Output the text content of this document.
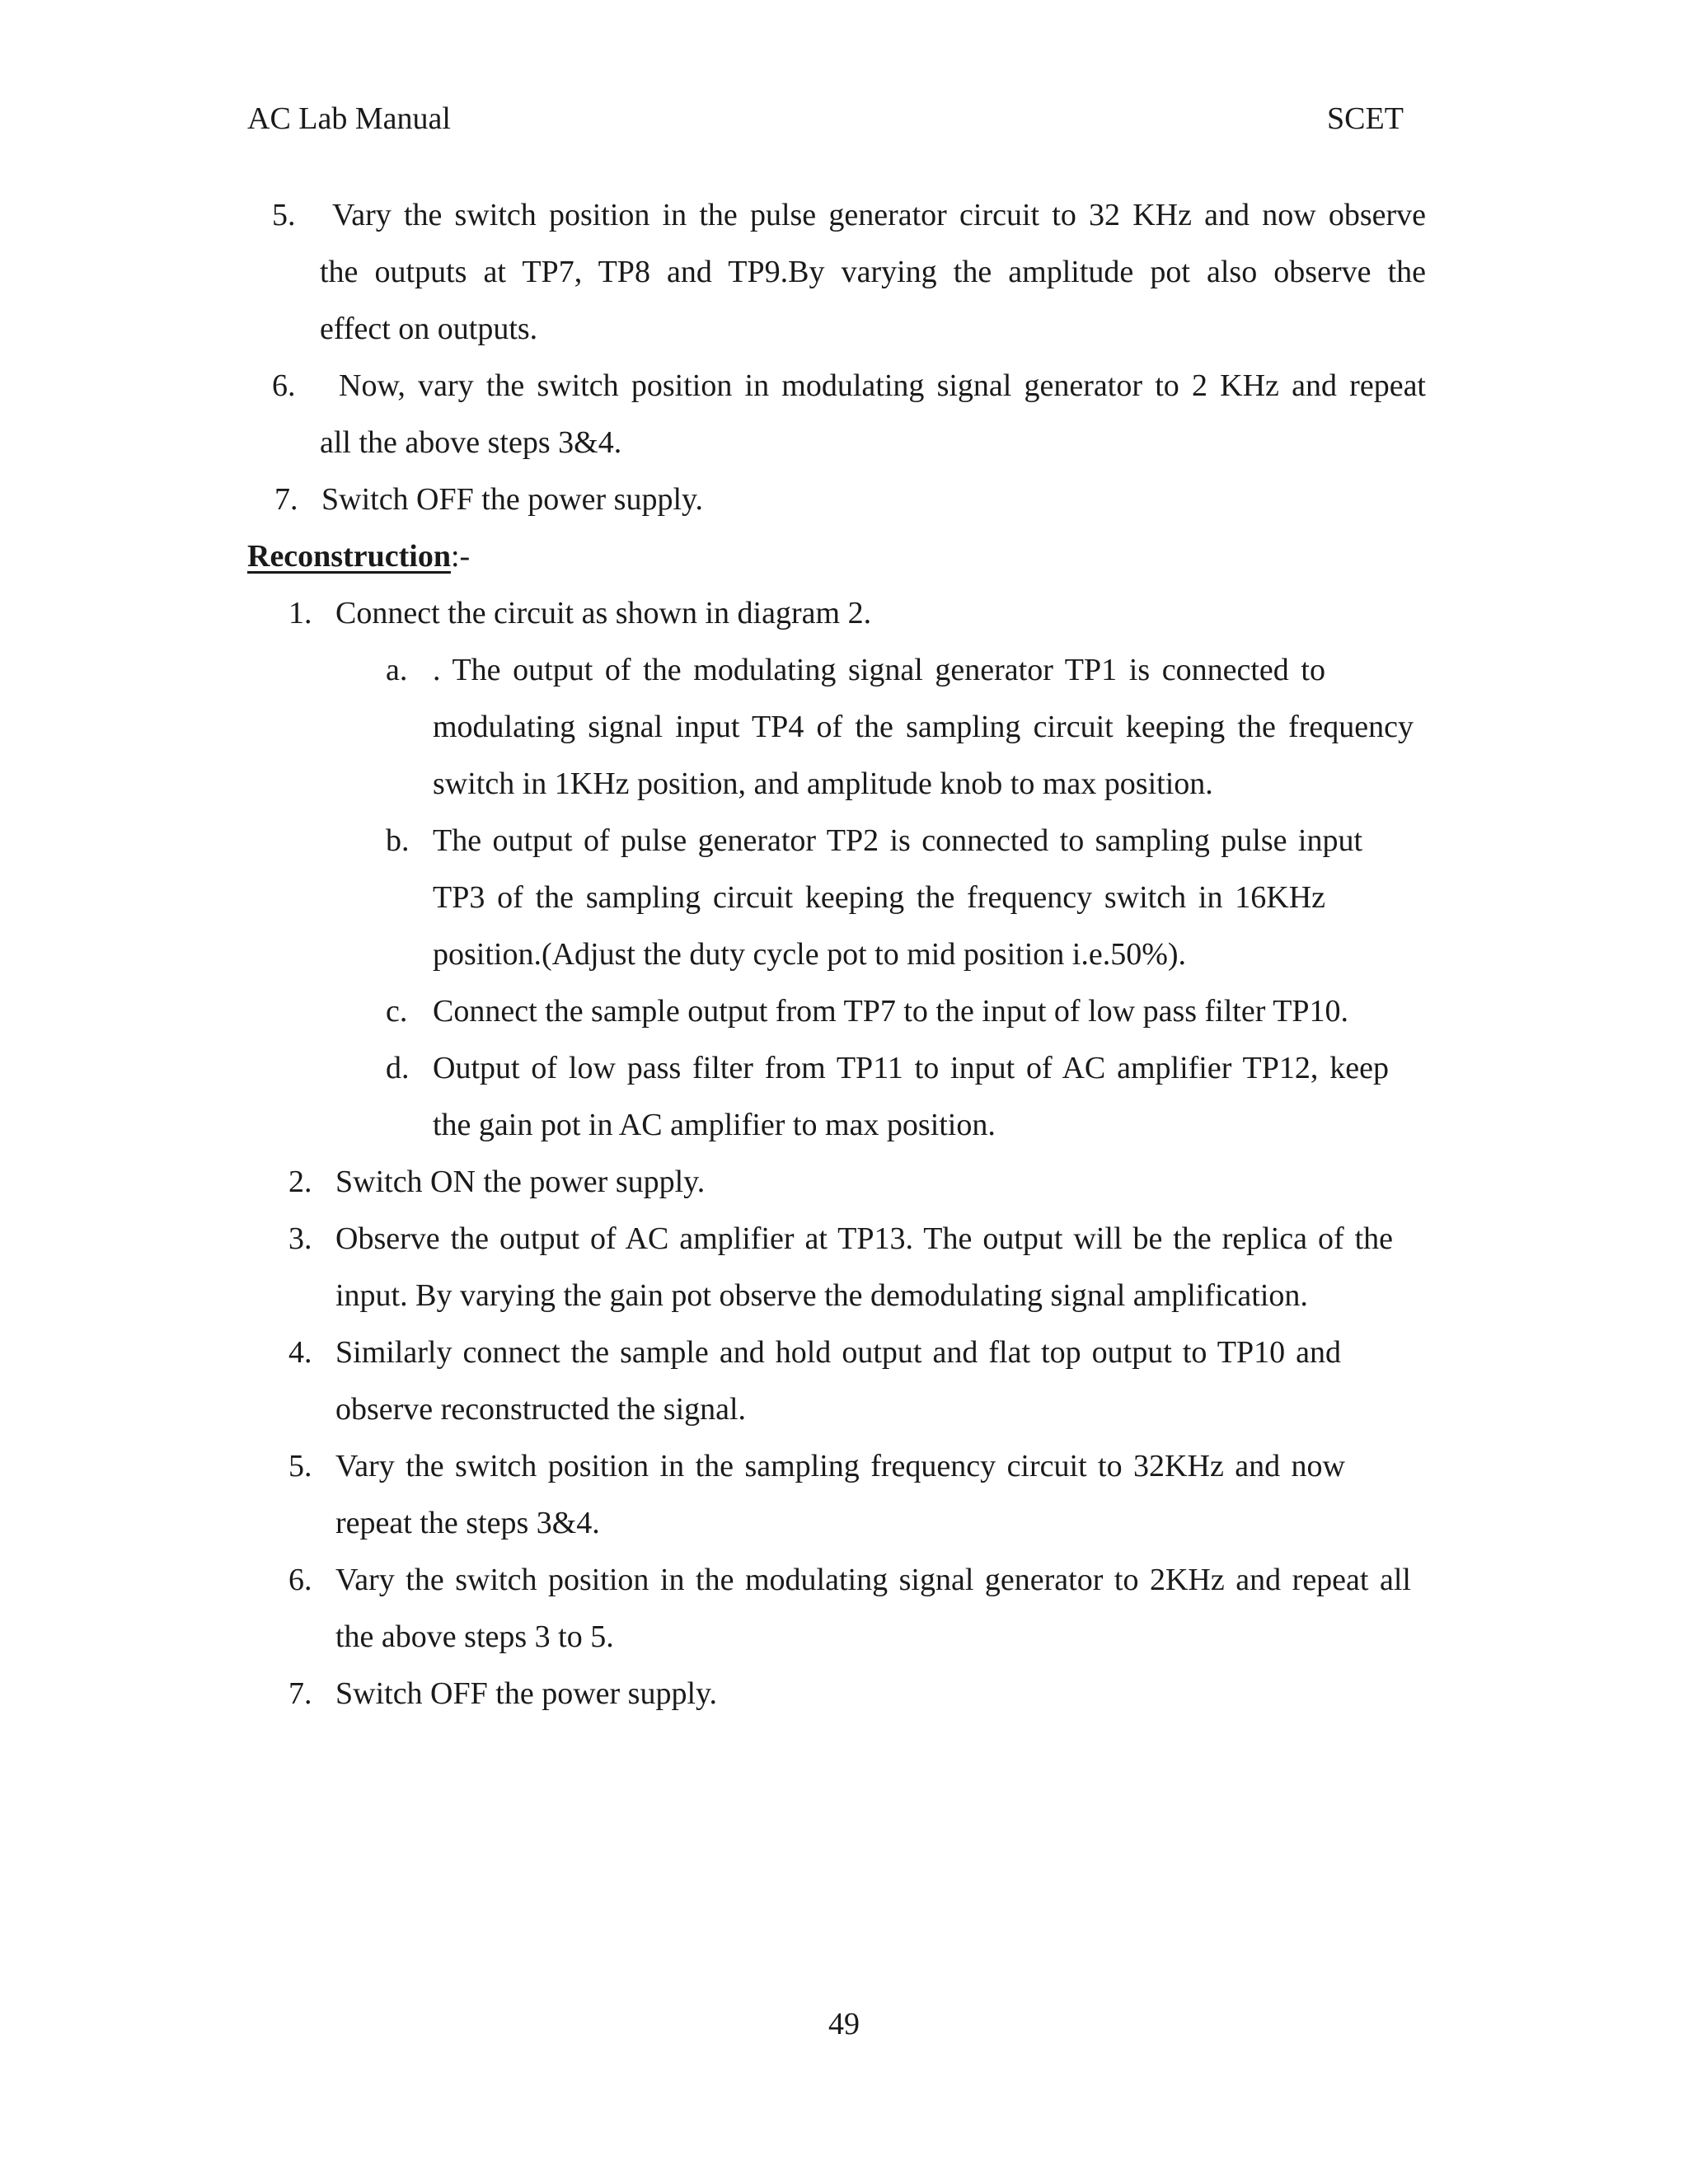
AC Lab Manual	SCET
5. Vary the switch position in the pulse generator circuit to 32 KHz and now observe
the outputs at TP7, TP8 and TP9.By varying the amplitude pot also observe the
effect on outputs.
6. Now, vary the switch position in modulating signal generator to 2 KHz and repeat
all the above steps 3&4.
7. Switch OFF the power supply.
Reconstruction:-
1. Connect the circuit as shown in diagram 2.
a. . The output of the modulating signal generator TP1 is connected to
modulating signal input TP4 of the sampling circuit keeping the frequency
switch in 1KHz position, and amplitude knob to max position.
b. The output of pulse generator TP2 is connected to sampling pulse input
TP3 of the sampling circuit keeping the frequency switch in 16KHz
position.(Adjust the duty cycle pot to mid position i.e.50%).
c. Connect the sample output from TP7 to the input of low pass filter TP10.
d. Output of low pass filter from TP11 to input of AC amplifier TP12, keep
the gain pot in AC amplifier to max position.
2. Switch ON the power supply.
3. Observe the output of AC amplifier at TP13. The output will be the replica of the
input. By varying the gain pot observe the demodulating signal amplification.
4. Similarly connect the sample and hold output and flat top output to TP10 and
observe reconstructed the signal.
5. Vary the switch position in the sampling frequency circuit to 32KHz and now
repeat the steps 3&4.
6. Vary the switch position in the modulating signal generator to 2KHz and repeat all
the above steps 3 to 5.
7. Switch OFF the power supply.
49
